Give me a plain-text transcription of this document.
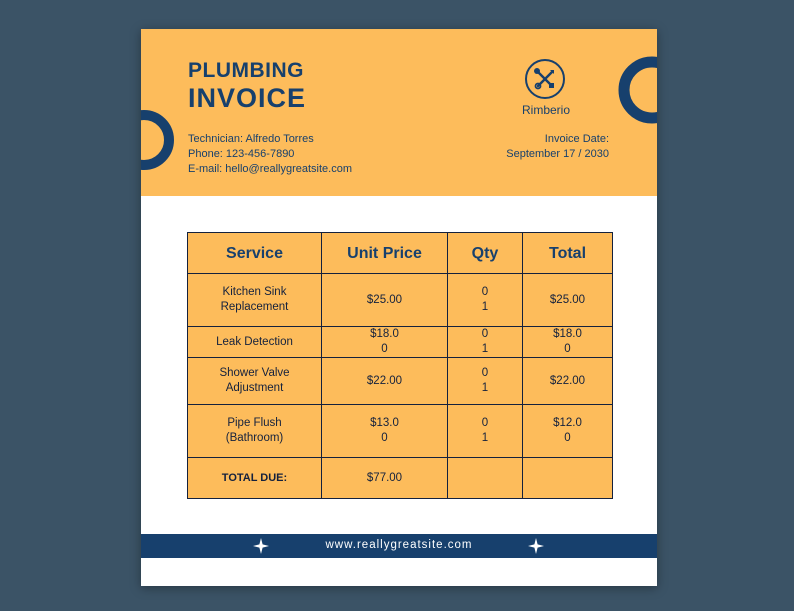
PLUMBING
INVOICE
Technician: Alfredo Torres
Phone: 123-456-7890
E-mail: hello@reallygreatsite.com
Invoice Date:
September 17 / 2030
Rimberio
Service	Unit Price	Qty	Total
Kitchen Sink Replacement	$25.00	01	$25.00
Leak Detection	$18.00	01	$18.00
Shower Valve Adjustment	$22.00	01	$22.00
Pipe Flush (Bathroom)	$13.00	01	$12.00
TOTAL DUE:	$77.00		
www.reallygreatsite.com
